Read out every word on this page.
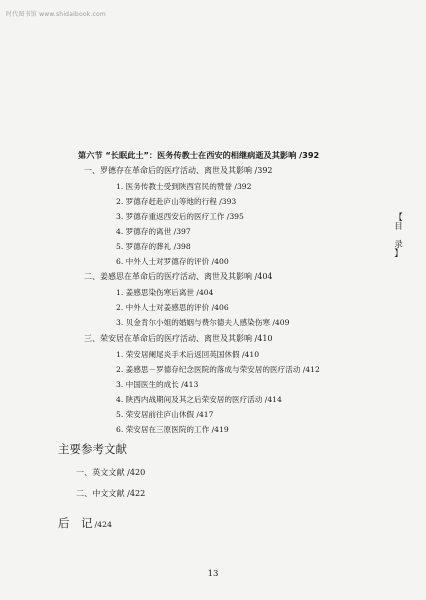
时代图书馆 www.shidaibook.com
第六节 “长眠此土”：医务传教士在西安的相继病逝及其影响 /392
一、罗德存在革命后的医疗活动、离世及其影响 /392
1. 医务传教士受到陕西官民的赞誉 /392
2. 罗德存赶赴庐山等地的行程 /393
3. 罗德存重返西安后的医疗工作 /395
4. 罗德存的离世 /397
5. 罗德存的葬礼 /398
6. 中外人士对罗德存的评价 /400
二、姜感思在革命后的医疗活动、离世及其影响 /404
1. 姜感思染伤寒后离世 /404
2. 中外人士对姜感思的评价 /406
3. 贝金肯尔小姐的婚姻与费尔德夫人感染伤寒 /409
三、荣安居在革命后的医疗活动、离世及其影响 /410
1. 荣安居阑尾炎手术后返回英国休假 /410
2. 姜感思－罗德存纪念医院的落成与荣安居的医疗活动 /412
3. 中国医生的成长 /413
4. 陕西内战期间及其之后荣安居的医疗活动 /414
5. 荣安居前往庐山休假 /417
6. 荣安居在三原医院的工作 /419
主要参考文献
一、英文文献 /420
二、中文文献 /422
后　记 /424
【
目
录
】
13
